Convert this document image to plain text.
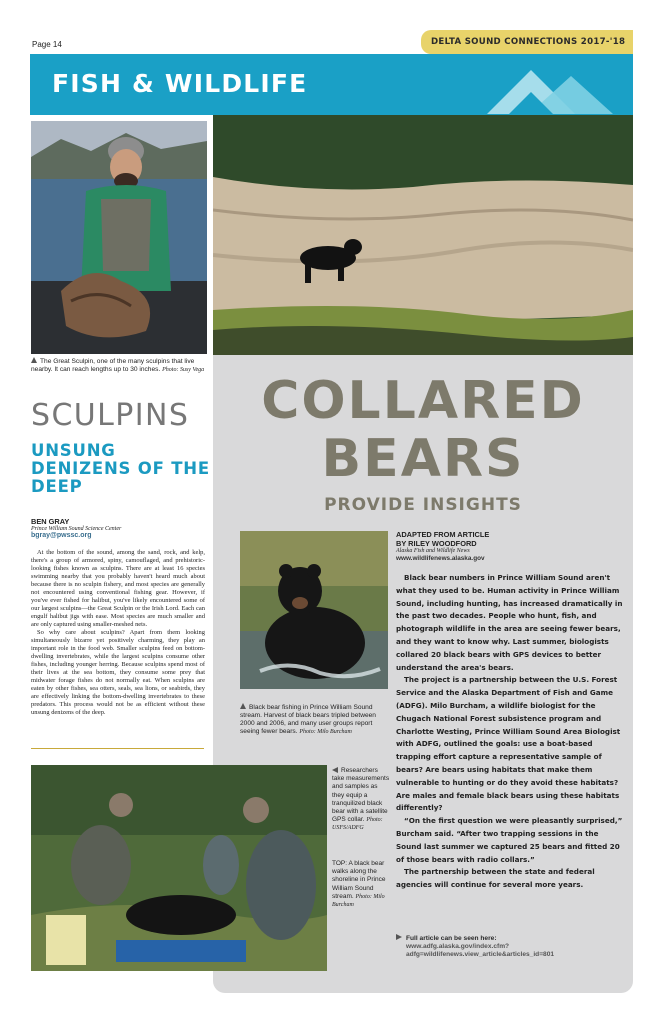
Page 14	DELTA SOUND CONNECTIONS 2017-'18
FISH & WILDLIFE
The Great Sculpin, one of the many sculpins that live nearby. It can reach lengths up to 30 inches. Photo: Susy Vega
SCULPINS
UNSUNG DENIZENS OF THE DEEP
BEN GRAY
Prince William Sound Science Center
bgray@pwssc.org

At the bottom of the sound, among the sand, rock, and kelp, there's a group of armored, spiny, camouflaged, and prehistoric-looking fishes known as sculpins. There are at least 16 species swimming nearby that you probably haven't heard much about because there is no sculpin fishery, and most species are generally not encountered using conventional fishing gear. However, if you've ever fished for halibut, you've likely encountered some of our largest sculpins—the Great Sculpin or the Irish Lord. Each can engulf halibut jigs with ease. Most species are much smaller and are only captured using smaller-meshed nets.

So why care about sculpins? Apart from them looking simultaneously bizarre yet positively charming, they play an important role in the food web. Smaller sculpins feed on bottom-dwelling invertebrates, while the largest sculpins consume other fishes, including younger herring. Because sculpins spend most of their lives at the sea bottom, they consume some prey that midwater forage fishes do not normally eat. When sculpins are eaten by other fishes, sea otters, seals, sea lions, or seabirds, they are effectively linking the bottom-dwelling invertebrates to these predators. This process would not be as efficient without these unsung denizens of the deep.

COLLARED
BEARS
PROVIDE INSIGHTS
Black bear fishing in Prince William Sound stream. Harvest of black bears tripled between 2000 and 2006, and many user groups report seeing fewer bears. Photo: Milo Burcham
ADAPTED FROM ARTICLE
BY RILEY WOODFORD
Alaska Fish and Wildlife News
www.wildlifenews.alaska.gov

Black bear numbers in Prince William Sound aren't what they used to be. Human activity in Prince William Sound, including hunting, has increased dramatically in the past two decades. People who hunt, fish, and photograph wildlife in the area are seeing fewer bears, and they want to know why. Last summer, biologists collared 20 black bears with GPS devices to better understand the area's bears.

The project is a partnership between the U.S. Forest Service and the Alaska Department of Fish and Game (ADFG). Milo Burcham, a wildlife biologist for the Chugach National Forest subsistence program and Charlotte Westing, Prince William Sound Area Biologist with ADFG, outlined the goals: use a boat-based trapping effort capture a representative sample of bears? Are bears using habitats that make them vulnerable to hunting or do they avoid these habitats? Are males and female black bears using these habitats differently?

“On the first question we were pleasantly surprised,” Burcham said. “After two trapping sessions in the Sound last summer we captured 25 bears and fitted 20 of those bears with radio collars.”

The partnership between the state and federal agencies will continue for several more years.

Researchers take measurements and samples as they equip a tranquilized black bear with a satellite GPS collar. Photo: USFS/ADFG
TOP: A black bear walks along the shoreline in Prince William Sound stream. Photo: Milo Burcham
Full article can be seen here:
www.adfg.alaska.gov/index.cfm?adfg=wildlifenews.view_article&articles_id=801
